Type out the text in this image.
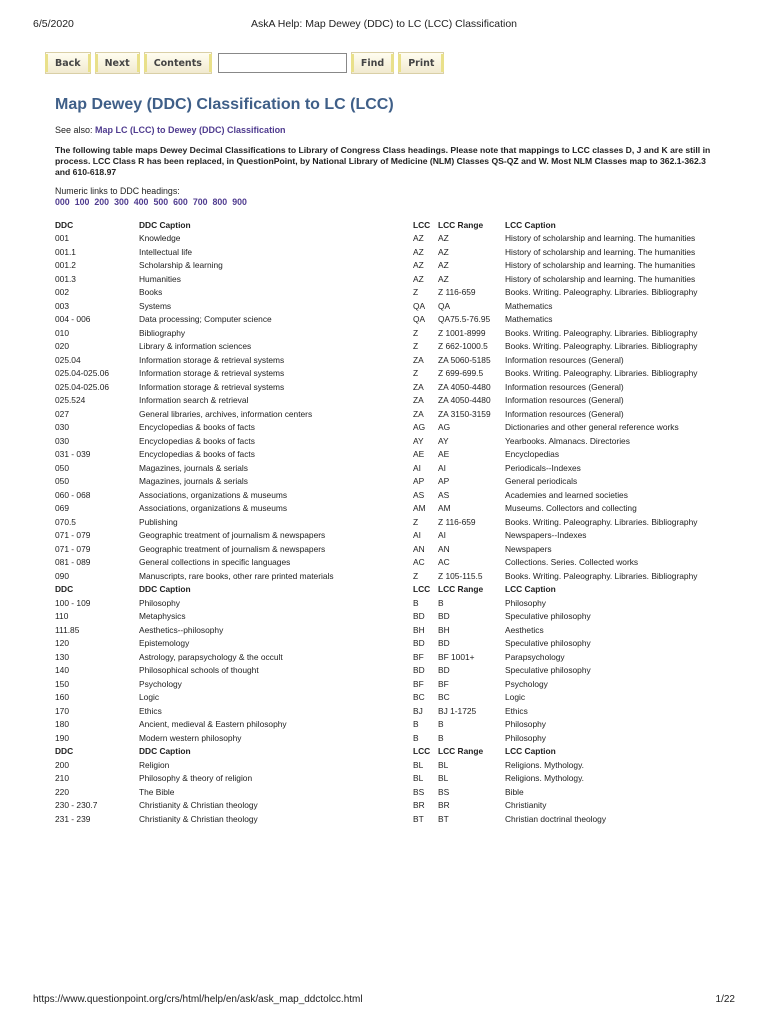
6/5/2020	AskA Help: Map Dewey (DDC) to LC (LCC) Classification
Back	Next	Contents	Find	Print
Map Dewey (DDC) Classification to LC (LCC)
See also: Map LC (LCC) to Dewey (DDC) Classification
The following table maps Dewey Decimal Classifications to Library of Congress Class headings. Please note that mappings to LCC classes D, J and K are still in process. LCC Class R has been replaced, in QuestionPoint, by National Library of Medicine (NLM) Classes QS-QZ and W. Most NLM Classes map to 362.1-362.3 and 610-618.97
Numeric links to DDC headings:
000 100 200 300 400 500 600 700 800 900
DDC	DDC Caption	LCC	LCC Range	LCC Caption
001	Knowledge	AZ	AZ	History of scholarship and learning. The humanities
001.1	Intellectual life	AZ	AZ	History of scholarship and learning. The humanities
001.2	Scholarship & learning	AZ	AZ	History of scholarship and learning. The humanities
001.3	Humanities	AZ	AZ	History of scholarship and learning. The humanities
002	Books	Z	Z 116-659	Books. Writing. Paleography. Libraries. Bibliography
003	Systems	QA	QA	Mathematics
004 - 006	Data processing; Computer science	QA	QA75.5-76.95	Mathematics
010	Bibliography	Z	Z 1001-8999	Books. Writing. Paleography. Libraries. Bibliography
020	Library & information sciences	Z	Z 662-1000.5	Books. Writing. Paleography. Libraries. Bibliography
025.04	Information storage & retrieval systems	ZA	ZA 5060-5185	Information resources (General)
025.04-025.06	Information storage & retrieval systems	Z	Z 699-699.5	Books. Writing. Paleography. Libraries. Bibliography
025.04-025.06	Information storage & retrieval systems	ZA	ZA 4050-4480	Information resources (General)
025.524	Information search & retrieval	ZA	ZA 4050-4480	Information resources (General)
027	General libraries, archives, information centers	ZA	ZA 3150-3159	Information resources (General)
030	Encyclopedias & books of facts	AG	AG	Dictionaries and other general reference works
030	Encyclopedias & books of facts	AY	AY	Yearbooks. Almanacs. Directories
031 - 039	Encyclopedias & books of facts	AE	AE	Encyclopedias
050	Magazines, journals & serials	AI	AI	Periodicals--Indexes
050	Magazines, journals & serials	AP	AP	General periodicals
060 - 068	Associations, organizations & museums	AS	AS	Academies and learned societies
069	Associations, organizations & museums	AM	AM	Museums. Collectors and collecting
070.5	Publishing	Z	Z 116-659	Books. Writing. Paleography. Libraries. Bibliography
071 - 079	Geographic treatment of journalism & newspapers	AI	AI	Newspapers--Indexes
071 - 079	Geographic treatment of journalism & newspapers	AN	AN	Newspapers
081 - 089	General collections in specific languages	AC	AC	Collections. Series. Collected works
090	Manuscripts, rare books, other rare printed materials	Z	Z 105-115.5	Books. Writing. Paleography. Libraries. Bibliography
DDC	DDC Caption	LCC	LCC Range	LCC Caption
100 - 109	Philosophy	B	B	Philosophy
110	Metaphysics	BD	BD	Speculative philosophy
111.85	Aesthetics--philosophy	BH	BH	Aesthetics
120	Epistemology	BD	BD	Speculative philosophy
130	Astrology, parapsychology & the occult	BF	BF 1001+	Parapsychology
140	Philosophical schools of thought	BD	BD	Speculative philosophy
150	Psychology	BF	BF	Psychology
160	Logic	BC	BC	Logic
170	Ethics	BJ	BJ 1-1725	Ethics
180	Ancient, medieval & Eastern philosophy	B	B	Philosophy
190	Modern western philosophy	B	B	Philosophy
DDC	DDC Caption	LCC	LCC Range	LCC Caption
200	Religion	BL	BL	Religions. Mythology.
210	Philosophy & theory of religion	BL	BL	Religions. Mythology.
220	The Bible	BS	BS	Bible
230 - 230.7	Christianity & Christian theology	BR	BR	Christianity
231 - 239	Christianity & Christian theology	BT	BT	Christian doctrinal theology
https://www.questionpoint.org/crs/html/help/en/ask/ask_map_ddctolcc.html	1/22
